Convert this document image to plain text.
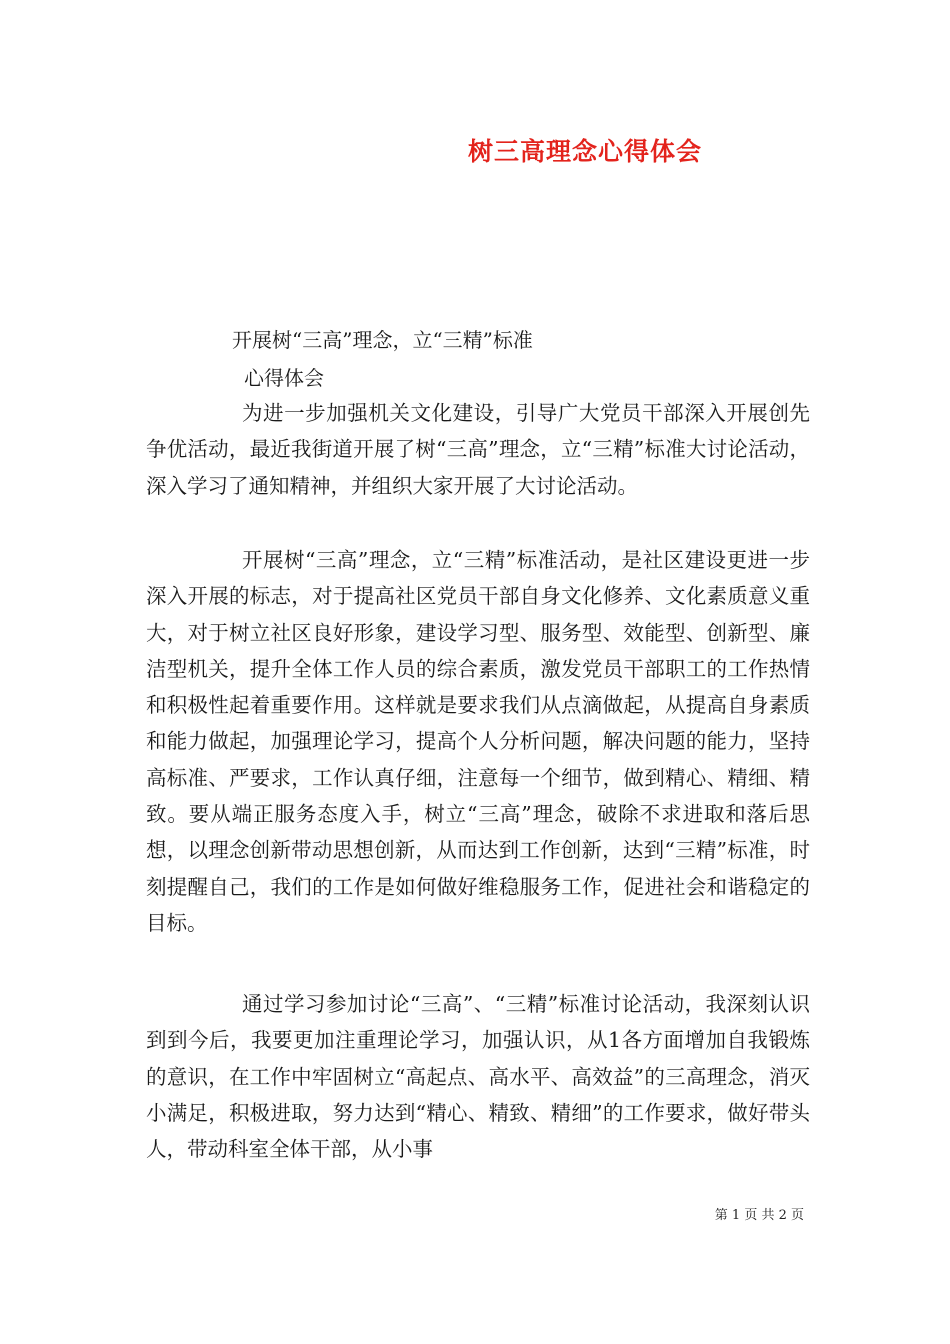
树三高理念心得体会

开展树“三高”理念，立“三精”标准

心得体会

为进一步加强机关文化建设，引导广大党员干部深入开展创先争优活动，最近我街道开展了树“三高”理念，立“三精”标准大讨论活动，深入学习了通知精神，并组织大家开展了大讨论活动。

开展树“三高”理念，立“三精”标准活动，是社区建设更进一步深入开展的标志，对于提高社区党员干部自身文化修养、文化素质意义重大，对于树立社区良好形象，建设学习型、服务型、效能型、创新型、廉洁型机关，提升全体工作人员的综合素质，激发党员干部职工的工作热情和积极性起着重要作用。这样就是要求我们从点滴做起，从提高自身素质和能力做起，加强理论学习，提高个人分析问题，解决问题的能力，坚持高标准、严要求，工作认真仔细，注意每一个细节，做到精心、精细、精致。要从端正服务态度入手，树立“三高”理念，破除不求进取和落后思想，以理念创新带动思想创新，从而达到工作创新，达到“三精”标准，时刻提醒自己，我们的工作是如何做好维稳服务工作，促进社会和谐稳定的目标。

通过学习参加讨论“三高”、“三精”标准讨论活动，我深刻认识到到今后，我要更加注重理论学习，加强认识，从1各方面增加自我锻炼的意识，在工作中牢固树立“高起点、高水平、高效益”的三高理念，消灭小满足，积极进取，努力达到“精心、精致、精细”的工作要求，做好带头人，带动科室全体干部，从小事

第 1 页 共 2 页
